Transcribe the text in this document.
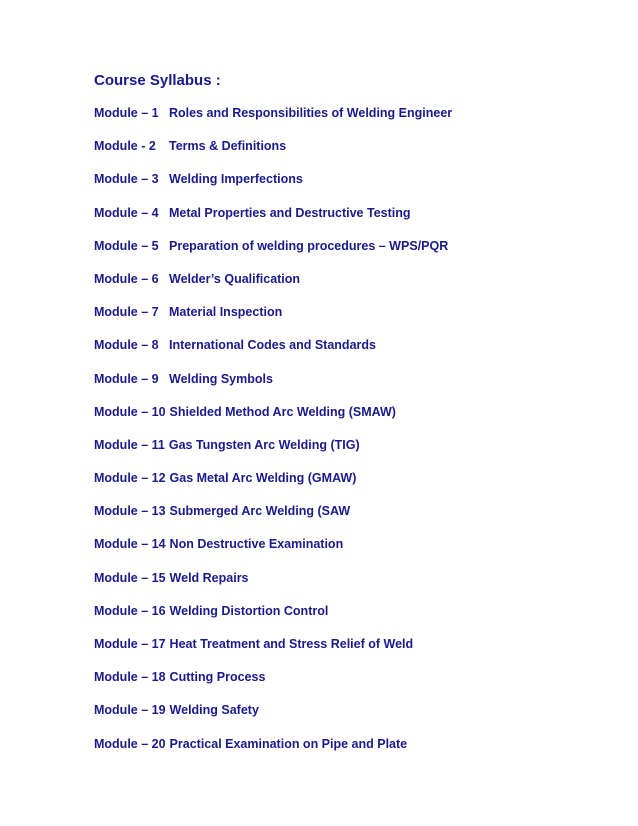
Course Syllabus :
Module – 1 Roles and Responsibilities of Welding Engineer
Module - 2	Terms & Definitions
Module – 3 Welding Imperfections
Module – 4 Metal Properties and Destructive Testing
Module – 5 Preparation of welding procedures – WPS/PQR
Module – 6 Welder’s Qualification
Module – 7 Material Inspection
Module – 8 International Codes and Standards
Module – 9 Welding Symbols
Module – 10 Shielded Method Arc Welding (SMAW)
Module – 11 Gas Tungsten Arc Welding (TIG)
Module – 12 Gas Metal Arc Welding (GMAW)
Module – 13 Submerged Arc Welding (SAW
Module – 14 Non Destructive Examination
Module – 15 Weld Repairs
Module – 16 Welding Distortion Control
Module – 17 Heat Treatment and Stress Relief of Weld
Module – 18 Cutting Process
Module – 19 Welding Safety
Module – 20 Practical Examination on Pipe and Plate
